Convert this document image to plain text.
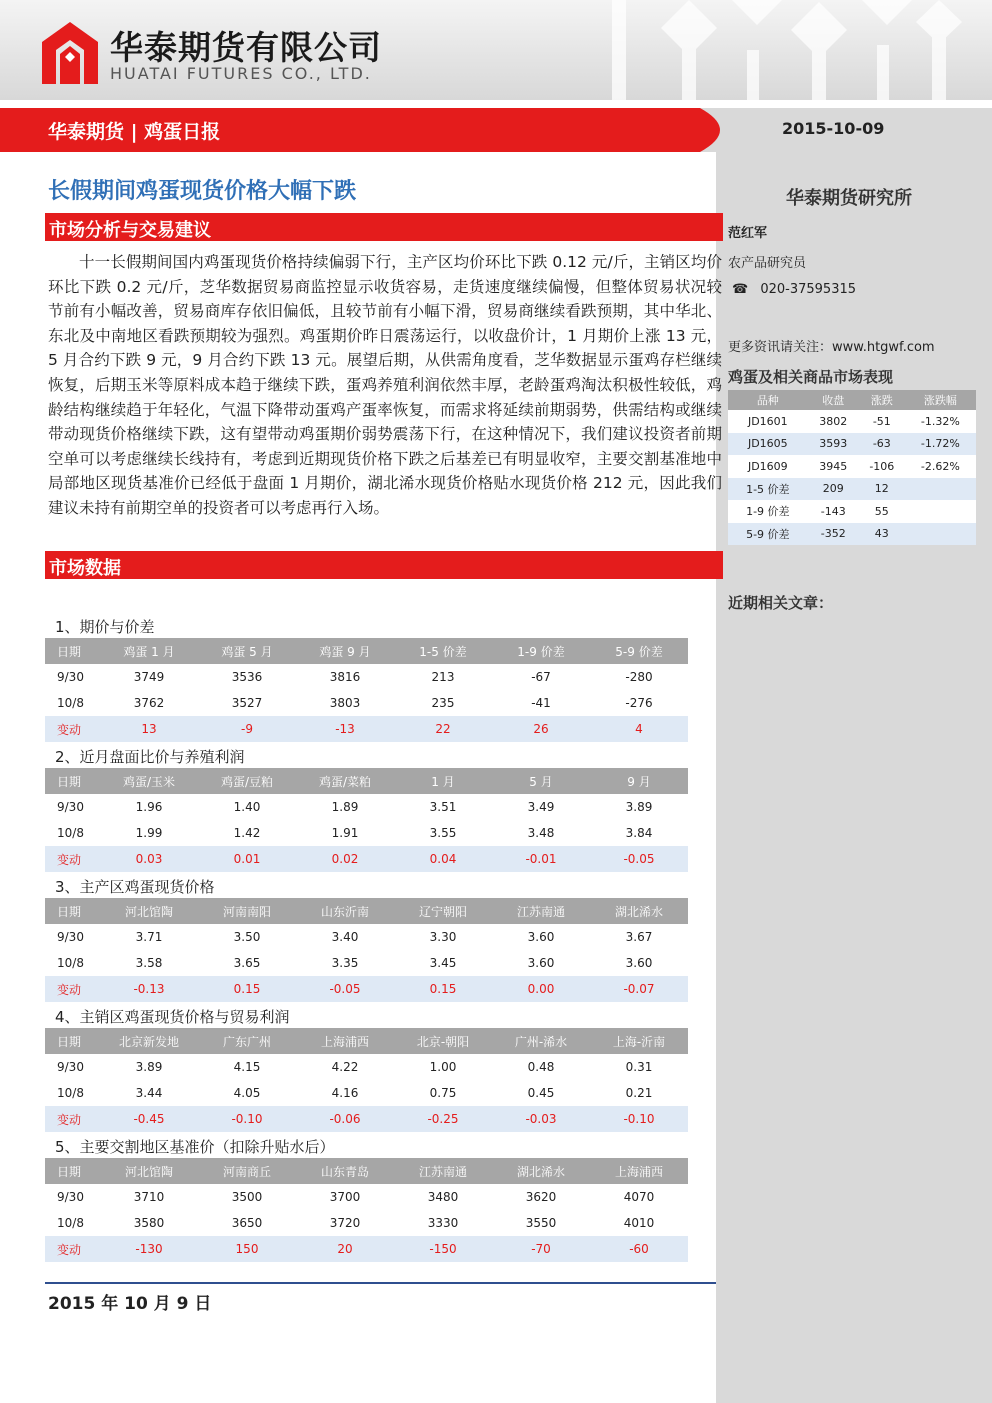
华泰期货有限公司
HUATAI FUTURES CO., LTD.
华泰期货 | 鸡蛋日报	2015-10-09
华泰期货研究所
范红军
农产品研究员
☎ 020-37595315
更多资讯请关注：www.htgwf.com
鸡蛋及相关商品市场表现
品种	收盘	涨跌	涨跌幅
JD1601	3802	-51	-1.32%
JD1605	3593	-63	-1.72%
JD1609	3945	-106	-2.62%
1-5 价差	209	12	
1-9 价差	-143	55	
5-9 价差	-352	43	
近期相关文章：
长假期间鸡蛋现货价格大幅下跌
市场分析与交易建议
十一长假期间国内鸡蛋现货价格持续偏弱下行，主产区均价环比下跌 0.12 元/斤，主销区均价环比下跌 0.2 元/斤，芝华数据贸易商监控显示收货容易，走货速度继续偏慢，但整体贸易状况较节前有小幅改善，贸易商库存依旧偏低，且较节前有小幅下滑，贸易商继续看跌预期，其中华北、东北及中南地区看跌预期较为强烈。鸡蛋期价昨日震荡运行，以收盘价计，1 月期价上涨 13 元，5 月合约下跌 9 元，9 月合约下跌 13 元。展望后期，从供需角度看，芝华数据显示蛋鸡存栏继续恢复，后期玉米等原料成本趋于继续下跌，蛋鸡养殖利润依然丰厚，老龄蛋鸡淘汰积极性较低，鸡龄结构继续趋于年轻化，气温下降带动蛋鸡产蛋率恢复，而需求将延续前期弱势，供需结构或继续带动现货价格继续下跌，这有望带动鸡蛋期价弱势震荡下行，在这种情况下，我们建议投资者前期空单可以考虑继续长线持有，考虑到近期现货价格下跌之后基差已有明显收窄，主要交割基准地中局部地区现货基准价已经低于盘面 1 月期价，湖北浠水现货价格贴水现货价格 212 元，因此我们建议未持有前期空单的投资者可以考虑再行入场。
市场数据
1、期价与价差
日期	鸡蛋 1 月	鸡蛋 5 月	鸡蛋 9 月	1-5 价差	1-9 价差	5-9 价差
9/30	3749	3536	3816	213	-67	-280
10/8	3762	3527	3803	235	-41	-276
变动	13	-9	-13	22	26	4
2、近月盘面比价与养殖利润
日期	鸡蛋/玉米	鸡蛋/豆粕	鸡蛋/菜粕	1 月	5 月	9 月
9/30	1.96	1.40	1.89	3.51	3.49	3.89
10/8	1.99	1.42	1.91	3.55	3.48	3.84
变动	0.03	0.01	0.02	0.04	-0.01	-0.05
3、主产区鸡蛋现货价格
日期	河北馆陶	河南南阳	山东沂南	辽宁朝阳	江苏南通	湖北浠水
9/30	3.71	3.50	3.40	3.30	3.60	3.67
10/8	3.58	3.65	3.35	3.45	3.60	3.60
变动	-0.13	0.15	-0.05	0.15	0.00	-0.07
4、主销区鸡蛋现货价格与贸易利润
日期	北京新发地	广东广州	上海浦西	北京-朝阳	广州-浠水	上海-沂南
9/30	3.89	4.15	4.22	1.00	0.48	0.31
10/8	3.44	4.05	4.16	0.75	0.45	0.21
变动	-0.45	-0.10	-0.06	-0.25	-0.03	-0.10
5、主要交割地区基准价（扣除升贴水后）
日期	河北馆陶	河南商丘	山东青岛	江苏南通	湖北浠水	上海浦西
9/30	3710	3500	3700	3480	3620	4070
10/8	3580	3650	3720	3330	3550	4010
变动	-130	150	20	-150	-70	-60
2015 年 10 月 9 日
